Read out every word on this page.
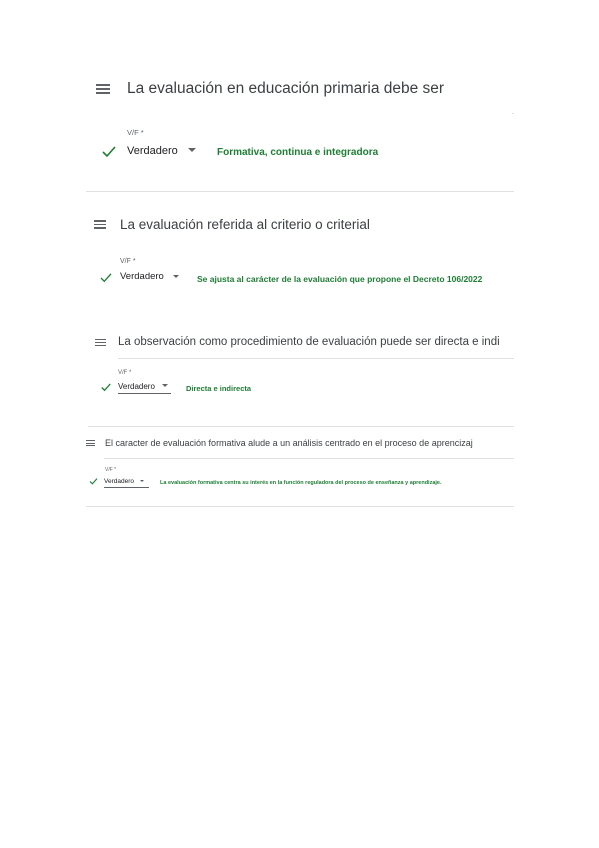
La evaluación en educación primaria debe ser
V/F *
Verdadero	Formativa, continua e integradora
La evaluación referida al criterio o criterial
V/F *
Verdadero	Se ajusta al carácter de la evaluación que propone el Decreto 106/2022
La observación como procedimiento de evaluación puede ser directa e indi
V/F *
Verdadero	Directa e indirecta
El caracter de evaluación formativa alude a un análisis centrado en el proceso de aprencizaj
V/F *
Verdadero	La evaluación formativa centra su interés en la función reguladora del proceso de enseñanza y aprendizaje.
